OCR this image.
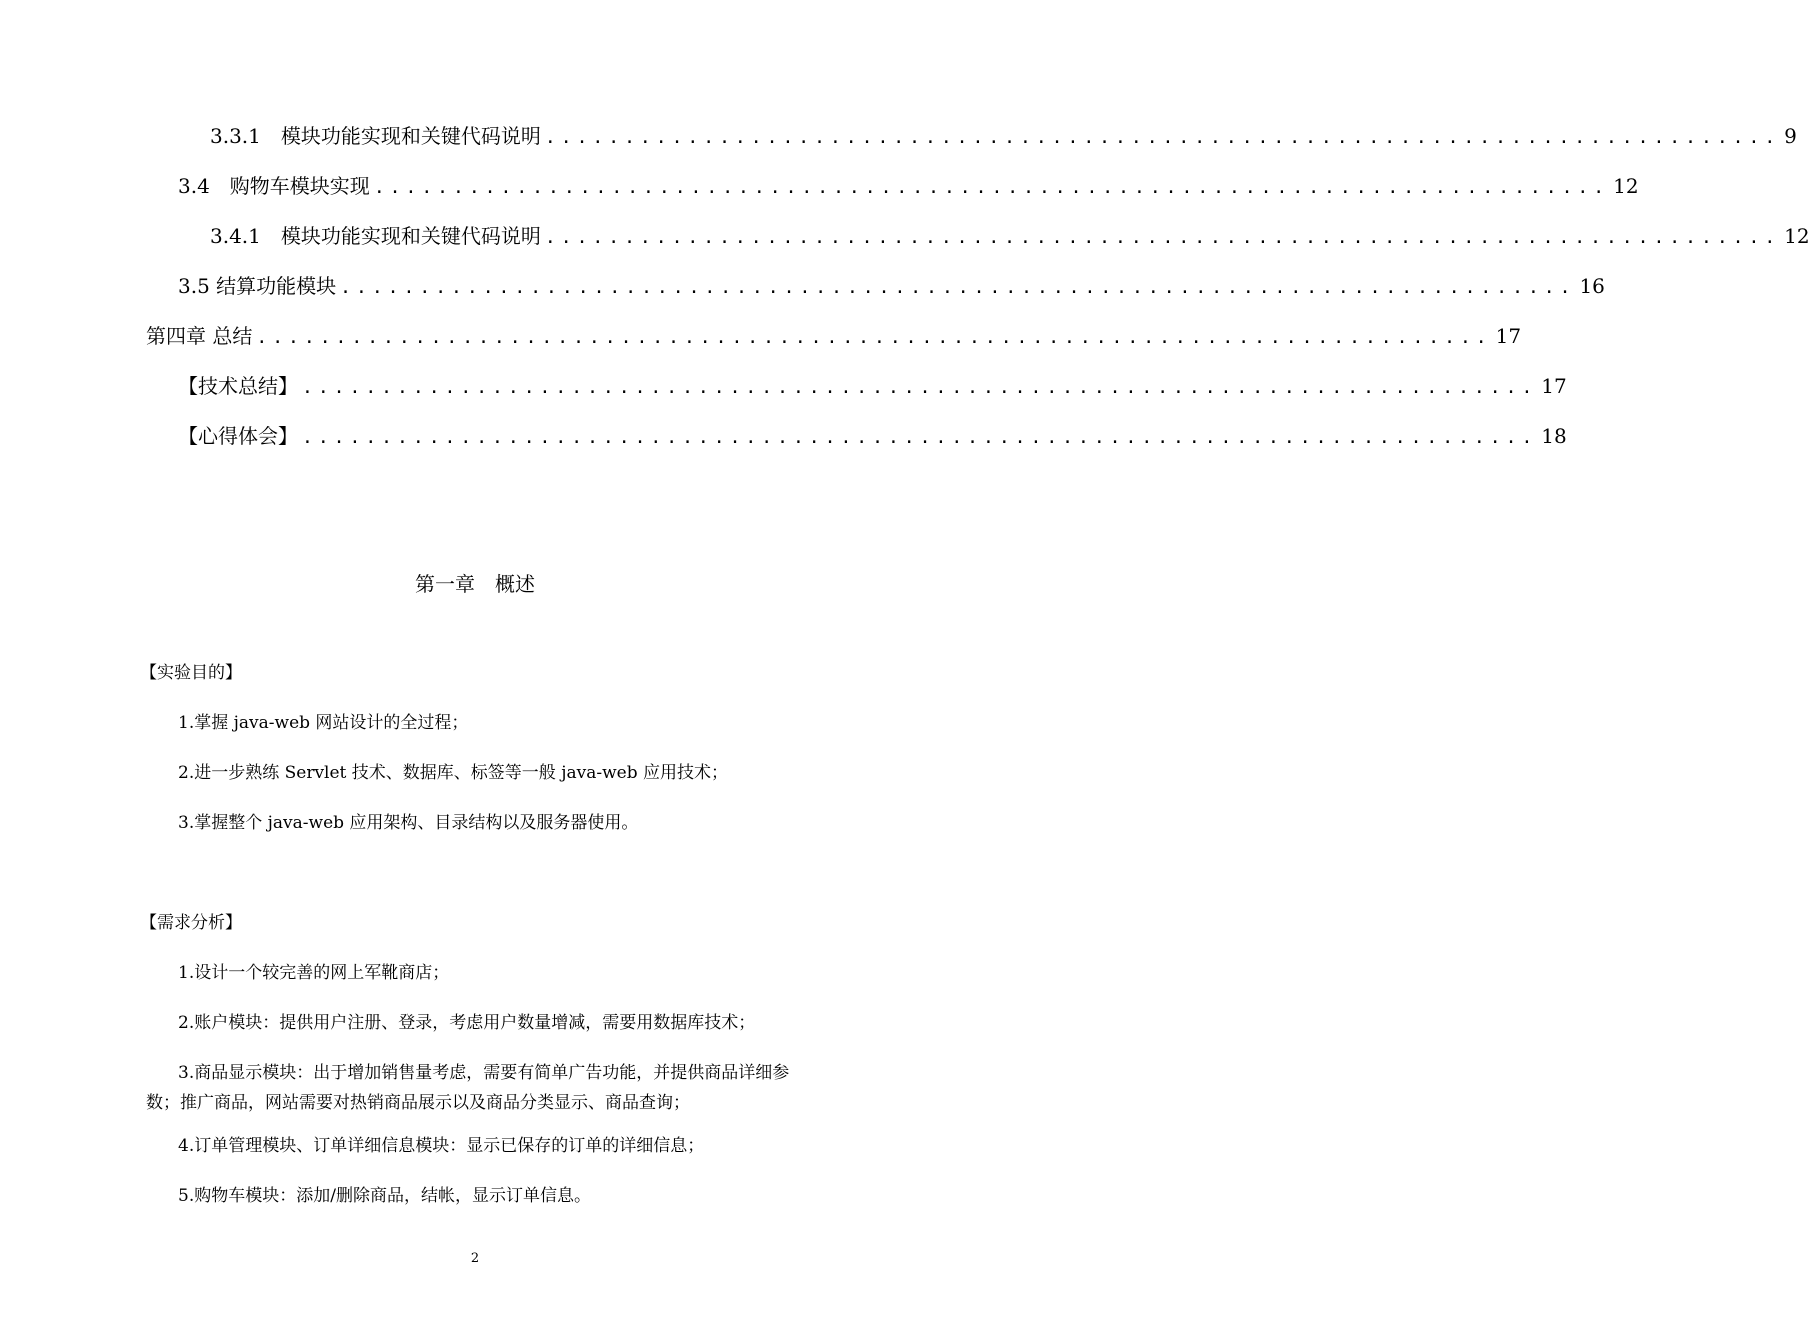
3.3.1　模块功能实现和关键代码说明 .............................................................................. 9
3.4　购物车模块实现 .............................................................................. 12
3.4.1　模块功能实现和关键代码说明 .............................................................................. 12
3.5 结算功能模块 .............................................................................. 16
第四章 总结 .............................................................................. 17
【技术总结】 .............................................................................. 17
【心得体会】 .............................................................................. 18
第一章　概述
【实验目的】
1.掌握 java-web 网站设计的全过程；
2.进一步熟练 Servlet 技术、数据库、标签等一般 java-web 应用技术；
3.掌握整个 java-web 应用架构、目录结构以及服务器使用。
【需求分析】
1.设计一个较完善的网上军靴商店；
2.账户模块：提供用户注册、登录，考虑用户数量增减，需要用数据库技术；
3.商品显示模块：出于增加销售量考虑，需要有简单广告功能，并提供商品详细参数；推广商品，网站需要对热销商品展示以及商品分类显示、商品查询；
4.订单管理模块、订单详细信息模块：显示已保存的订单的详细信息；
5.购物车模块：添加/删除商品，结帐，显示订单信息。
2
